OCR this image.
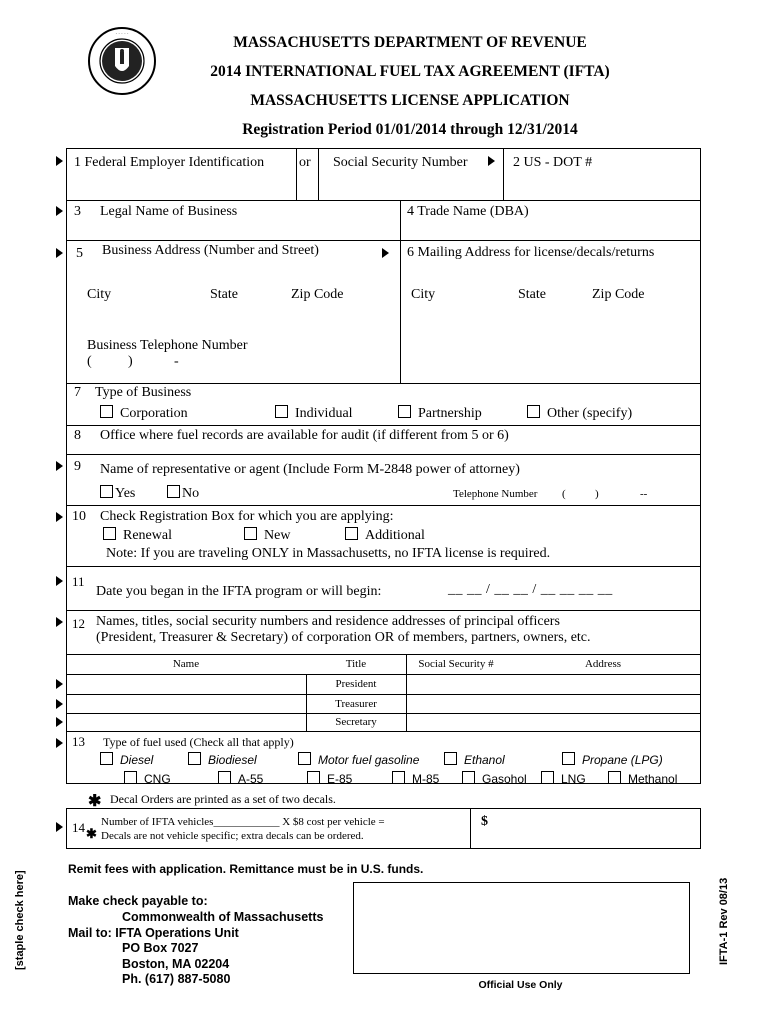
· · · · ·	MASSACHUSETTS DEPARTMENT OF REVENUE
2014 INTERNATIONAL FUEL TAX AGREEMENT (IFTA)
MASSACHUSETTS LICENSE APPLICATION
Registration Period 01/01/2014 through 12/31/2014
1 Federal Employer Identification or Social Security Number	2 US - DOT #
3 Legal Name of Business	4 Trade Name (DBA)
5 Business Address (Number and Street)	6 Mailing Address for license/decals/returns
City	State	Zip Code	City	State	Zip Code
Business Telephone Number
(	)	-
7 Type of Business
Corporation	Individual	Partnership	Other (specify)
8 Office where fuel records are available for audit (if different from 5 or 6)
9 Name of representative or agent (Include Form M-2848 power of attorney)
Yes	No	Telephone Number (	)	--
10 Check Registration Box for which you are applying:
Renewal	New	Additional
Note: If you are traveling ONLY in Massachusetts, no IFTA license is required.
11
Date you began in the IFTA program or will begin:	__ __ / __ __ / __ __ __ __
12 Names, titles, social security numbers and residence addresses of principal officers
(President, Treasurer & Secretary) of corporation OR of members, partners, owners, etc.
Name	Title	Social Security #	Address
President
Treasurer
Secretary
13 Type of fuel used (Check all that apply)
Diesel	Biodiesel	Motor fuel gasoline	Ethanol	Propane (LPG)
CNG	A-55	E-85	M-85	Gasohol	LNG	Methanol
✱ Decal Orders are printed as a set of two decals.
14 ✱
Number of IFTA vehicles____________ X $8 cost per vehicle =
Decals are not vehicle specific; extra decals can be ordered.
$
Remit fees with application. Remittance must be in U.S. funds.
Make check payable to:
Commonwealth of Massachusetts
Mail to: IFTA Operations Unit
PO Box 7027
Boston, MA 02204
Ph. (617) 887-5080	Official Use Only
[staple check here]	IFTA-1 Rev 08/13
